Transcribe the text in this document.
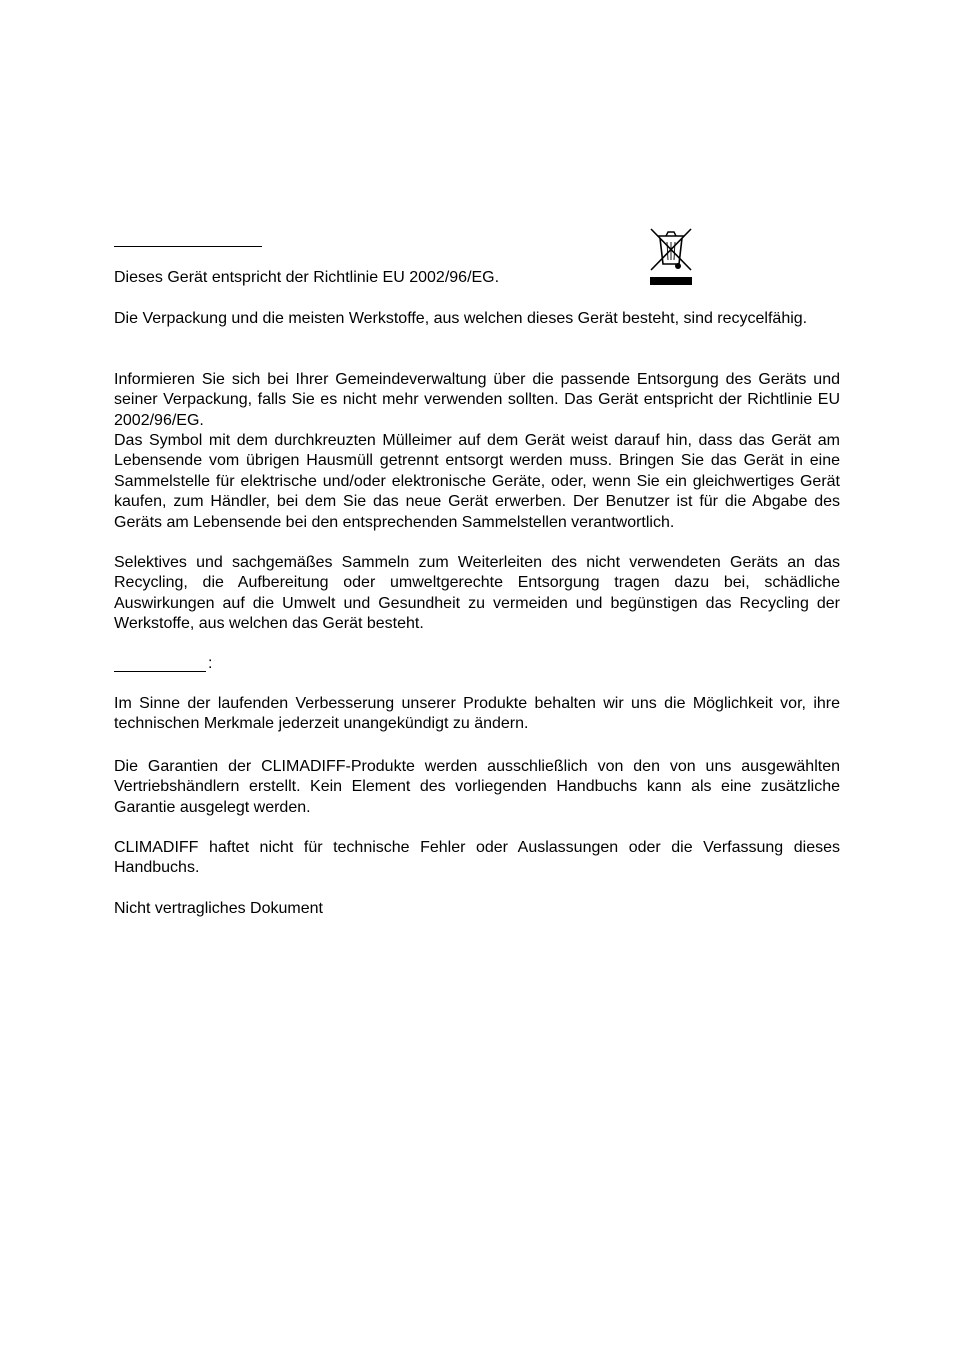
Dieses Gerät entspricht der Richtlinie EU 2002/96/EG.

Die Verpackung und die meisten Werkstoffe, aus welchen dieses Gerät besteht, sind recycelfähig.

Informieren Sie sich bei Ihrer Gemeindeverwaltung über die passende Entsorgung des Geräts und seiner Verpackung, falls Sie es nicht mehr verwenden sollten. Das Gerät entspricht der Richtlinie EU 2002/96/EG.

Das Symbol mit dem durchkreuzten Mülleimer auf dem Gerät weist darauf hin, dass das Gerät am Lebensende vom übrigen Hausmüll getrennt entsorgt werden muss. Bringen Sie das Gerät in eine Sammelstelle für elektrische und/oder elektronische Geräte, oder, wenn Sie ein gleichwertiges Gerät kaufen, zum Händler, bei dem Sie das neue Gerät erwerben. Der Benutzer ist für die Abgabe des Geräts am Lebensende bei den entsprechenden Sammelstellen verantwortlich.

Selektives und sachgemäßes Sammeln zum Weiterleiten des nicht verwendeten Geräts an das Recycling, die Aufbereitung oder umweltgerechte Entsorgung tragen dazu bei, schädliche Auswirkungen auf die Umwelt und Gesundheit zu vermeiden und begünstigen das Recycling der Werkstoffe, aus welchen das Gerät besteht.

:

Im Sinne der laufenden Verbesserung unserer Produkte behalten wir uns die Möglichkeit vor, ihre technischen Merkmale jederzeit unangekündigt zu ändern.

Die Garantien der CLIMADIFF-Produkte werden ausschließlich von den von uns ausgewählten Vertriebshändlern erstellt. Kein Element des vorliegenden Handbuchs kann als eine zusätzliche Garantie ausgelegt werden.

CLIMADIFF haftet nicht für technische Fehler oder Auslassungen oder die Verfassung dieses Handbuchs.

Nicht vertragliches Dokument
